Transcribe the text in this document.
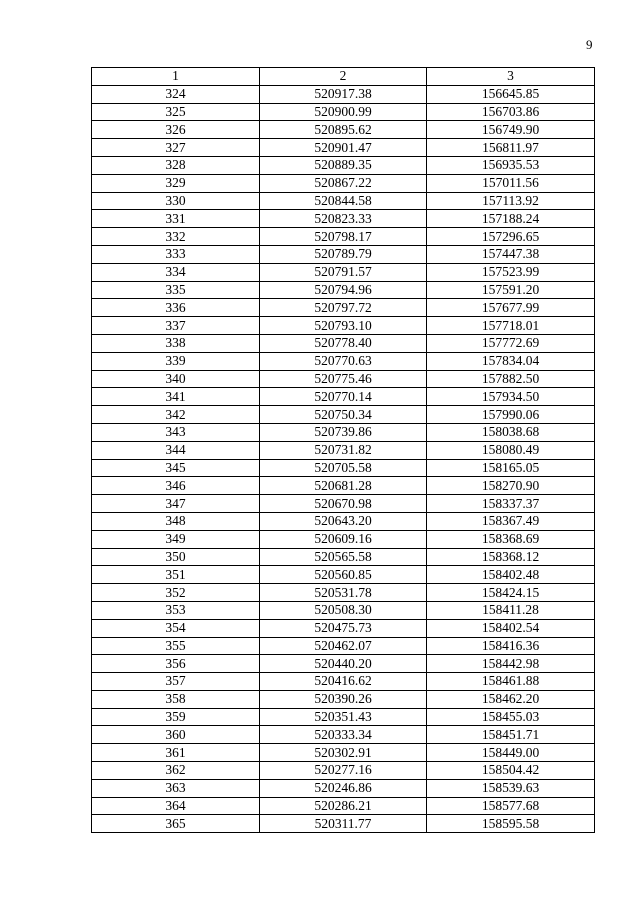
9
1	2	3
324	520917.38	156645.85
325	520900.99	156703.86
326	520895.62	156749.90
327	520901.47	156811.97
328	520889.35	156935.53
329	520867.22	157011.56
330	520844.58	157113.92
331	520823.33	157188.24
332	520798.17	157296.65
333	520789.79	157447.38
334	520791.57	157523.99
335	520794.96	157591.20
336	520797.72	157677.99
337	520793.10	157718.01
338	520778.40	157772.69
339	520770.63	157834.04
340	520775.46	157882.50
341	520770.14	157934.50
342	520750.34	157990.06
343	520739.86	158038.68
344	520731.82	158080.49
345	520705.58	158165.05
346	520681.28	158270.90
347	520670.98	158337.37
348	520643.20	158367.49
349	520609.16	158368.69
350	520565.58	158368.12
351	520560.85	158402.48
352	520531.78	158424.15
353	520508.30	158411.28
354	520475.73	158402.54
355	520462.07	158416.36
356	520440.20	158442.98
357	520416.62	158461.88
358	520390.26	158462.20
359	520351.43	158455.03
360	520333.34	158451.71
361	520302.91	158449.00
362	520277.16	158504.42
363	520246.86	158539.63
364	520286.21	158577.68
365	520311.77	158595.58
